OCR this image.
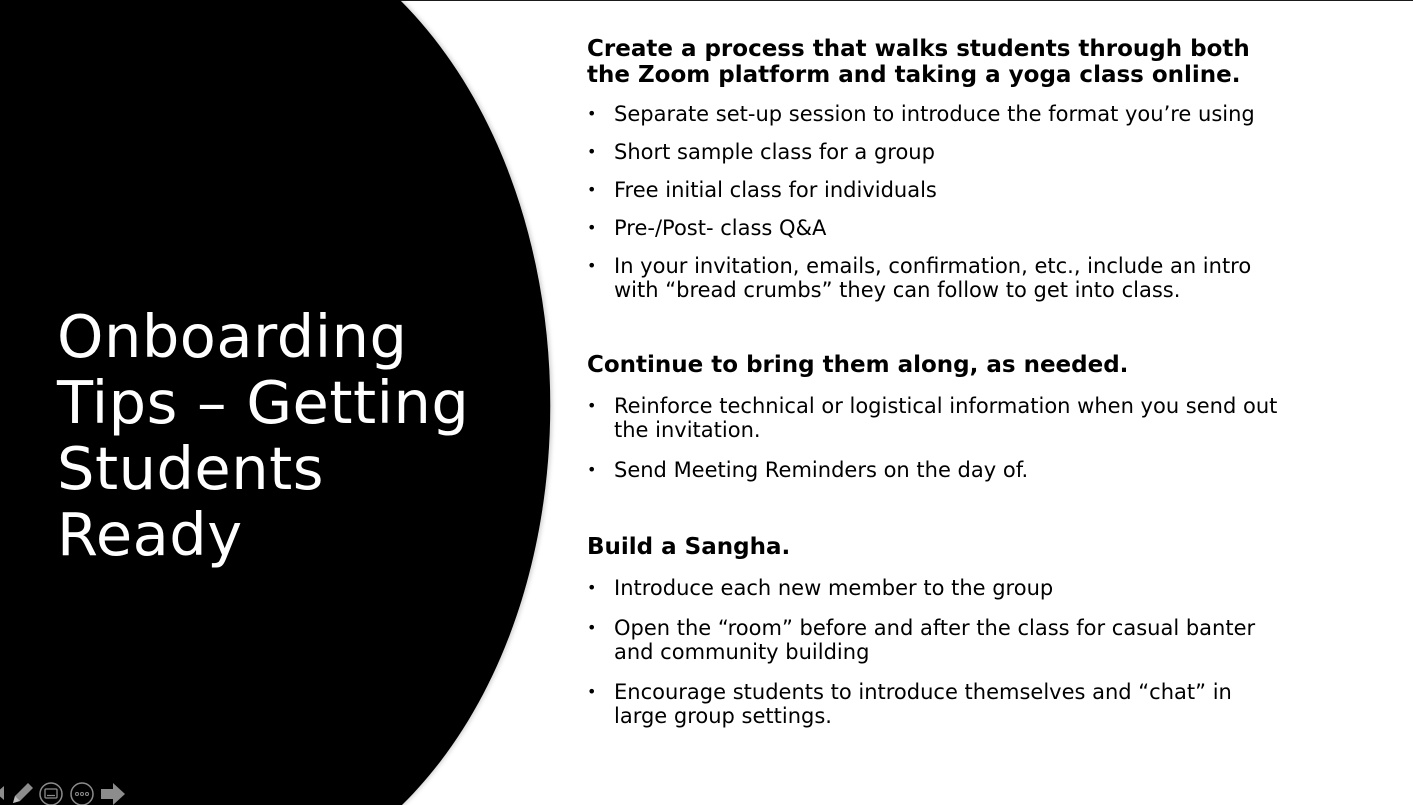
Onboarding
Tips – Getting
Students Ready
Create a process that walks students through both the Zoom platform and taking a yoga class online.
• Separate set-up session to introduce the format you’re using
• Short sample class for a group
• Free initial class for individuals
• Pre-/Post- class Q&A
• In your invitation, emails, confirmation, etc., include an intro with “bread crumbs” they can follow to get into class.
Continue to bring them along, as needed.
• Reinforce technical or logistical information when you send out the invitation.
• Send Meeting Reminders on the day of.
Build a Sangha.
• Introduce each new member to the group
• Open the “room” before and after the class for casual banter and community building
• Encourage students to introduce themselves and “chat” in large group settings.
